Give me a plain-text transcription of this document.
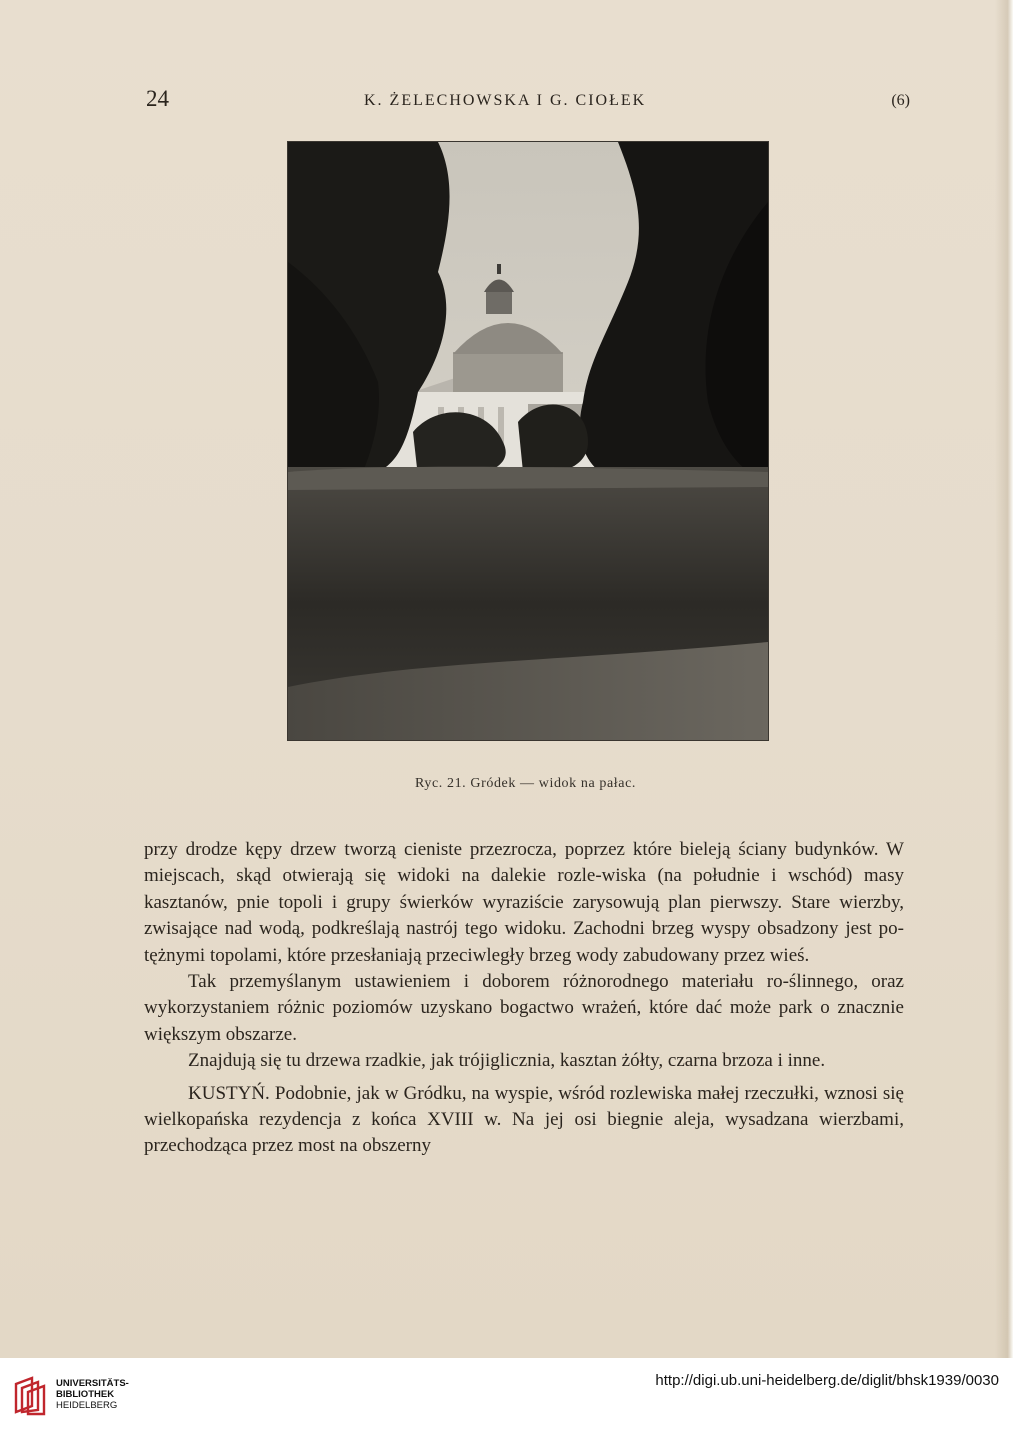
24	K. ŻELECHOWSKA I G. CIOŁEK	(6)
Ryc. 21. Gródek — widok na pałac.

przy drodze kępy drzew tworzą cieniste przezrocza, poprzez które bieleją ściany budynków. W miejscach, skąd otwierają się widoki na dalekie rozle-wiska (na południe i wschód) masy kasztanów, pnie topoli i grupy świerków wyraziście zarysowują plan pierwszy. Stare wierzby, zwisające nad wodą, podkreślają nastrój tego widoku. Zachodni brzeg wyspy obsadzony jest po-tężnymi topolami, które przesłaniają przeciwległy brzeg wody zabudowany przez wieś.

Tak przemyślanym ustawieniem i doborem różnorodnego materiału ro-ślinnego, oraz wykorzystaniem różnic poziomów uzyskano bogactwo wrażeń, które dać może park o znacznie większym obszarze.

Znajdują się tu drzewa rzadkie, jak trójiglicznia, kasztan żółty, czarna brzoza i inne.

KUSTYŃ. Podobnie, jak w Gródku, na wyspie, wśród rozlewiska małej rzeczułki, wznosi się wielkopańska rezydencja z końca XVIII w. Na jej osi biegnie aleja, wysadzana wierzbami, przechodząca przez most na obszerny

UNIVERSITÄTS-
BIBLIOTHEK
HEIDELBERG
http://digi.ub.uni-heidelberg.de/diglit/bhsk1939/0030
